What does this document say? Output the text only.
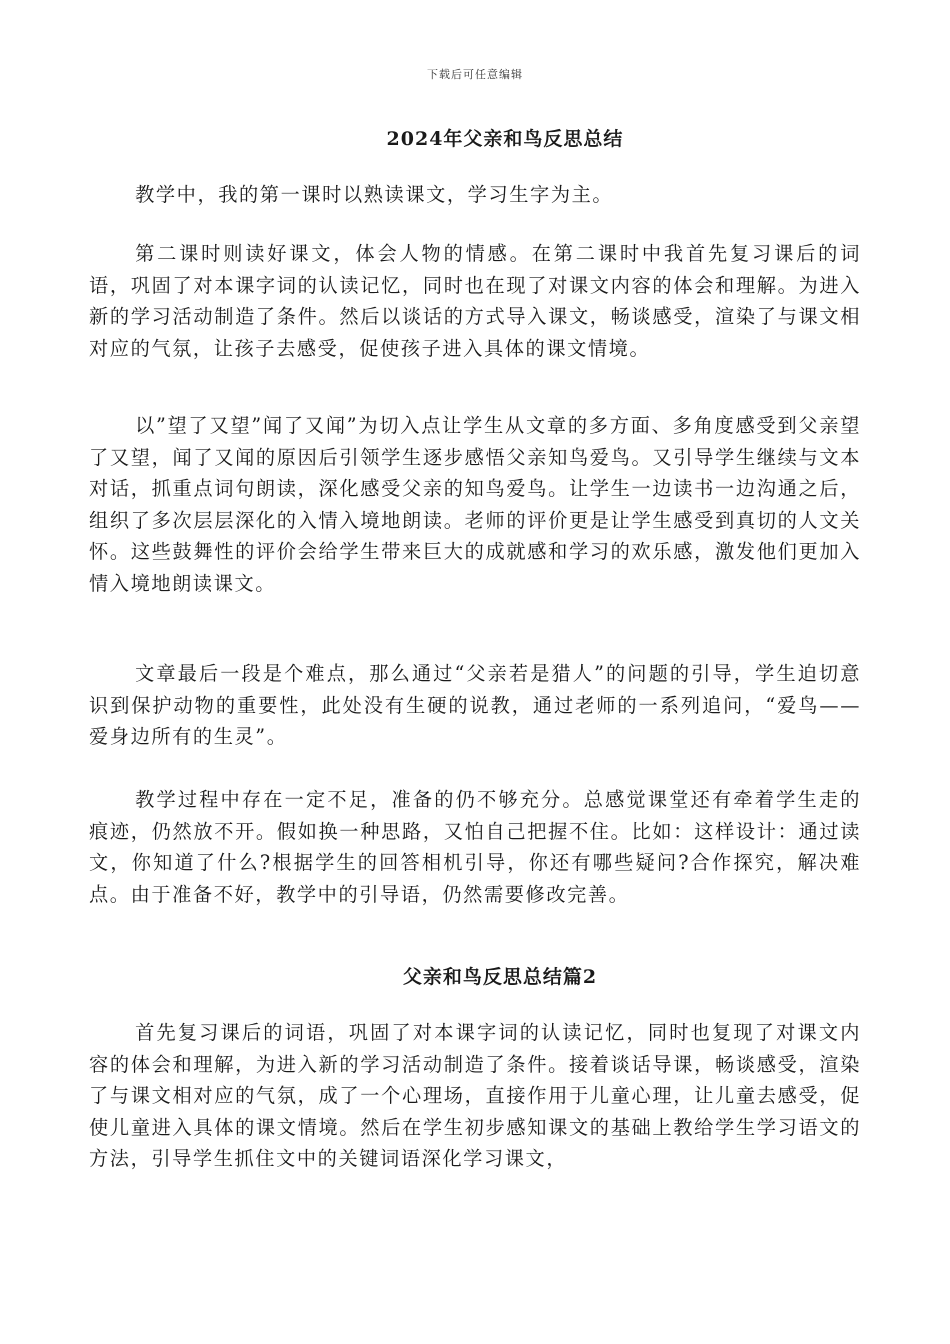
下载后可任意编辑
2024年父亲和鸟反思总结

教学中，我的第一课时以熟读课文，学习生字为主。

第二课时则读好课文，体会人物的情感。在第二课时中我首先复习课后的词语，巩固了对本课字词的认读记忆，同时也在现了对课文内容的体会和理解。为进入新的学习活动制造了条件。然后以谈话的方式导入课文，畅谈感受，渲染了与课文相对应的气氛，让孩子去感受，促使孩子进入具体的课文情境。

以”望了又望”闻了又闻”为切入点让学生从文章的多方面、多角度感受到父亲望了又望，闻了又闻的原因后引领学生逐步感悟父亲知鸟爱鸟。又引导学生继续与文本对话，抓重点词句朗读，深化感受父亲的知鸟爱鸟。让学生一边读书一边沟通之后，组织了多次层层深化的入情入境地朗读。老师的评价更是让学生感受到真切的人文关怀。这些鼓舞性的评价会给学生带来巨大的成就感和学习的欢乐感，激发他们更加入情入境地朗读课文。

文章最后一段是个难点，那么通过“父亲若是猎人”的问题的引导，学生迫切意识到保护动物的重要性，此处没有生硬的说教，通过老师的一系列追问，“爱鸟——爱身边所有的生灵”。

教学过程中存在一定不足，准备的仍不够充分。总感觉课堂还有牵着学生走的痕迹，仍然放不开。假如换一种思路，又怕自己把握不住。比如：这样设计：通过读文，你知道了什么?根据学生的回答相机引导，你还有哪些疑问?合作探究，解决难点。由于准备不好，教学中的引导语，仍然需要修改完善。

父亲和鸟反思总结篇2

首先复习课后的词语，巩固了对本课字词的认读记忆，同时也复现了对课文内容的体会和理解，为进入新的学习活动制造了条件。接着谈话导课，畅谈感受，渲染了与课文相对应的气氛，成了一个心理场，直接作用于儿童心理，让儿童去感受，促使儿童进入具体的课文情境。然后在学生初步感知课文的基础上教给学生学习语文的方法，引导学生抓住文中的关键词语深化学习课文，
